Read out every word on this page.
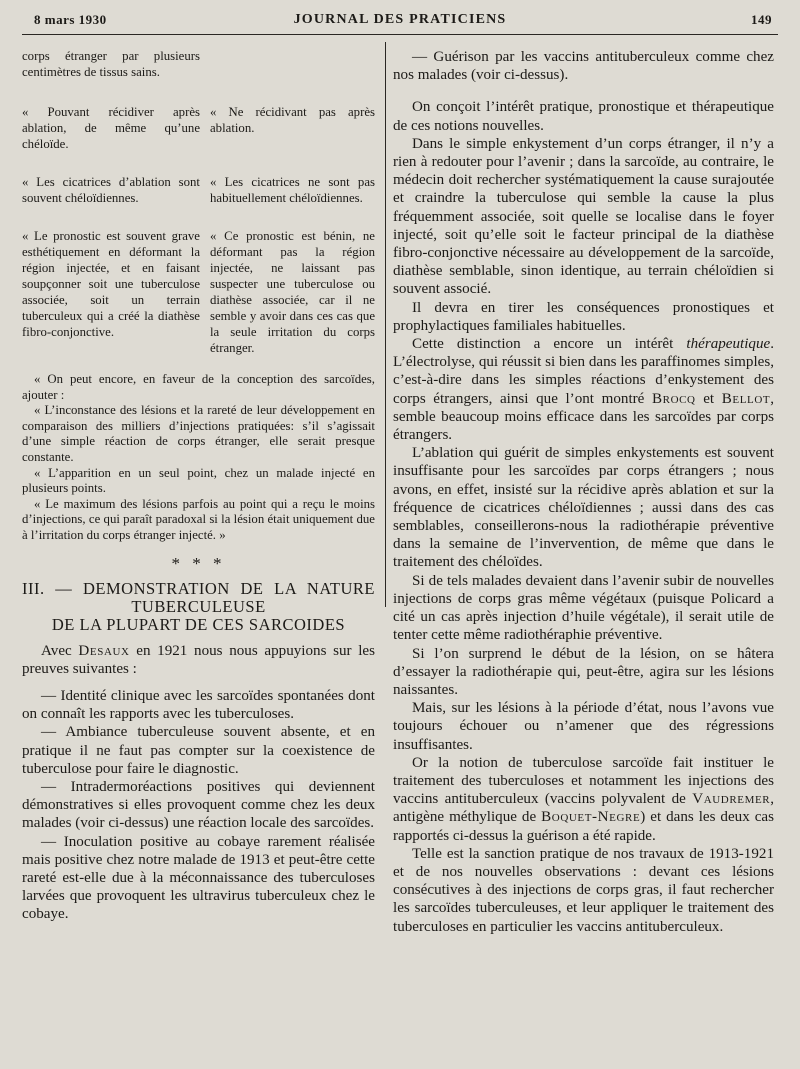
8 mars 1930	JOURNAL DES PRATICIENS	149

corps étranger par plusieurs centimètres de tissus sains.

« Pouvant récidiver après ablation, de même qu’une chéloïde.

« Ne récidivant pas après ablation.

« Les cicatrices d’ablation sont souvent chéloïdiennes.

« Les cicatrices ne sont pas habituellement chéloïdiennes.

« Le pronostic est souvent grave esthétiquement en déformant la région injectée, et en faisant soupçonner soit une tuberculose associée, soit un terrain tuberculeux qui a créé la diathèse fibro-conjonctive.

« Ce pronostic est bénin, ne déformant pas la région injectée, ne laissant pas suspecter une tuberculose ou diathèse associée, car il ne semble y avoir dans ces cas que la seule irritation du corps étranger.

« On peut encore, en faveur de la conception des sarcoïdes, ajouter :

« L’inconstance des lésions et la rareté de leur développement en comparaison des milliers d’injections pratiquées: s’il s’agissait d’une simple réaction de corps étranger, elle serait presque constante.

« L’apparition en un seul point, chez un malade injecté en plusieurs points.

« Le maximum des lésions parfois au point qui a reçu le moins d’injections, ce qui paraît paradoxal si la lésion était uniquement due à l’irritation du corps étranger injecté. »

* * *
III. — DEMONSTRATION DE LA NATURE
TUBERCULEUSE
DE LA PLUPART DE CES SARCOIDES

Avec Desaux en 1921 nous nous appuyions sur les preuves suivantes :

— Identité clinique avec les sarcoïdes spontanées dont on connaît les rapports avec les tuberculoses.

— Ambiance tuberculeuse souvent absente, et en pratique il ne faut pas compter sur la coexistence de tuberculose pour faire le diagnostic.

— Intradermoréactions positives qui deviennent démonstratives si elles provoquent comme chez les deux malades (voir ci-dessus) une réaction locale des sarcoïdes.

— Inoculation positive au cobaye rarement réalisée mais positive chez notre malade de 1913 et peut-être cette rareté est-elle due à la méconnaissance des tuberculoses larvées que provoquent les ultravirus tuberculeux chez le cobaye.

— Guérison par les vaccins antituberculeux comme chez nos malades (voir ci-dessus).

On conçoit l’intérêt pratique, pronostique et thérapeutique de ces notions nouvelles.

Dans le simple enkystement d’un corps étranger, il n’y a rien à redouter pour l’avenir ; dans la sarcoïde, au contraire, le médecin doit rechercher systématiquement la cause surajoutée et craindre la tuberculose qui semble la cause la plus fréquemment associée, soit quelle se localise dans le foyer injecté, soit qu’elle soit le facteur principal de la diathèse fibro-conjonctive nécessaire au développement de la sarcoïde, diathèse semblable, sinon identique, au terrain chéloïdien si souvent associé.

Il devra en tirer les conséquences pronostiques et prophylactiques familiales habituelles.

Cette distinction a encore un intérêt thérapeutique. L’électrolyse, qui réussit si bien dans les paraffinomes simples, c’est-à-dire dans les simples réactions d’enkystement des corps étrangers, ainsi que l’ont montré Brocq et Bellot, semble beaucoup moins efficace dans les sarcoïdes par corps étrangers.

L’ablation qui guérit de simples enkystements est souvent insuffisante pour les sarcoïdes par corps étrangers ; nous avons, en effet, insisté sur la récidive après ablation et sur la fréquence de cicatrices chéloïdiennes ; aussi dans des cas semblables, conseillerons-nous la radiothérapie préventive dans la semaine de l’invervention, de même que dans le traitement des chéloïdes.

Si de tels malades devaient dans l’avenir subir de nouvelles injections de corps gras même végétaux (puisque Policard a cité un cas après injection d’huile végétale), il serait utile de tenter cette même radiothéraphie préventive.

Si l’on surprend le début de la lésion, on se hâtera d’essayer la radiothérapie qui, peut-être, agira sur les lésions naissantes.

Mais, sur les lésions à la période d’état, nous l’avons vue toujours échouer ou n’amener que des régressions insuffisantes.

Or la notion de tuberculose sarcoïde fait instituer le traitement des tuberculoses et notamment les injections des vaccins antituberculeux (vaccins polyvalent de Vaudremer, antigène méthylique de Boquet-Negre) et dans les deux cas rapportés ci-dessus la guérison a été rapide.

Telle est la sanction pratique de nos travaux de 1913-1921 et de nos nouvelles observations : devant ces lésions consécutives à des injections de corps gras, il faut rechercher les sarcoïdes tuberculeuses, et leur appliquer le traitement des tuberculoses en particulier les vaccins antituberculeux.
